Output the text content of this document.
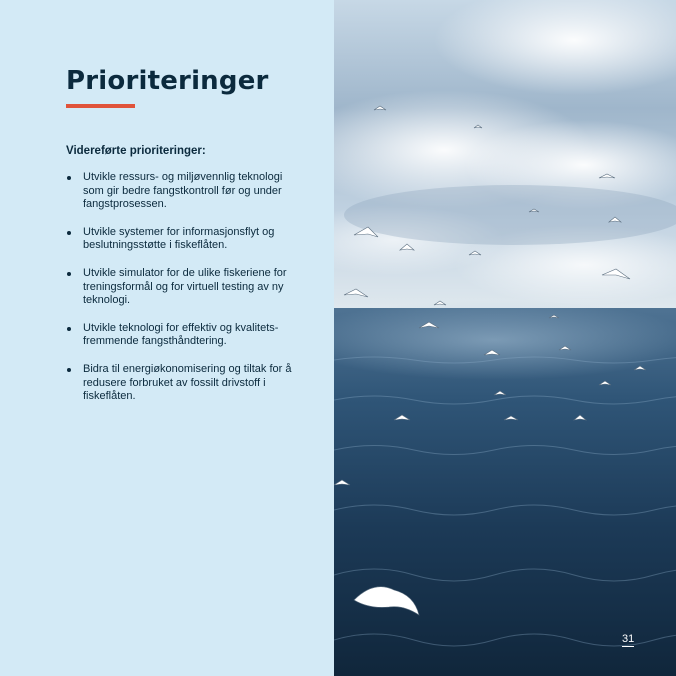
Prioriteringer

Videreførte prioriteringer:

Utvikle ressurs- og miljøvennlig teknologi som gir bedre fangstkontroll før og under fangstprosessen.
Utvikle systemer for informasjonsflyt og beslutningsstøtte i fiskeflåten.
Utvikle simulator for de ulike fiskeriene for treningsformål og for virtuell testing av ny teknologi.
Utvikle teknologi for effektiv og kvalitets-fremmende fangsthåndtering.
Bidra til energiøkonomisering og tiltak for å redusere forbruket av fossilt drivstoff i fiskeflåten.
31
